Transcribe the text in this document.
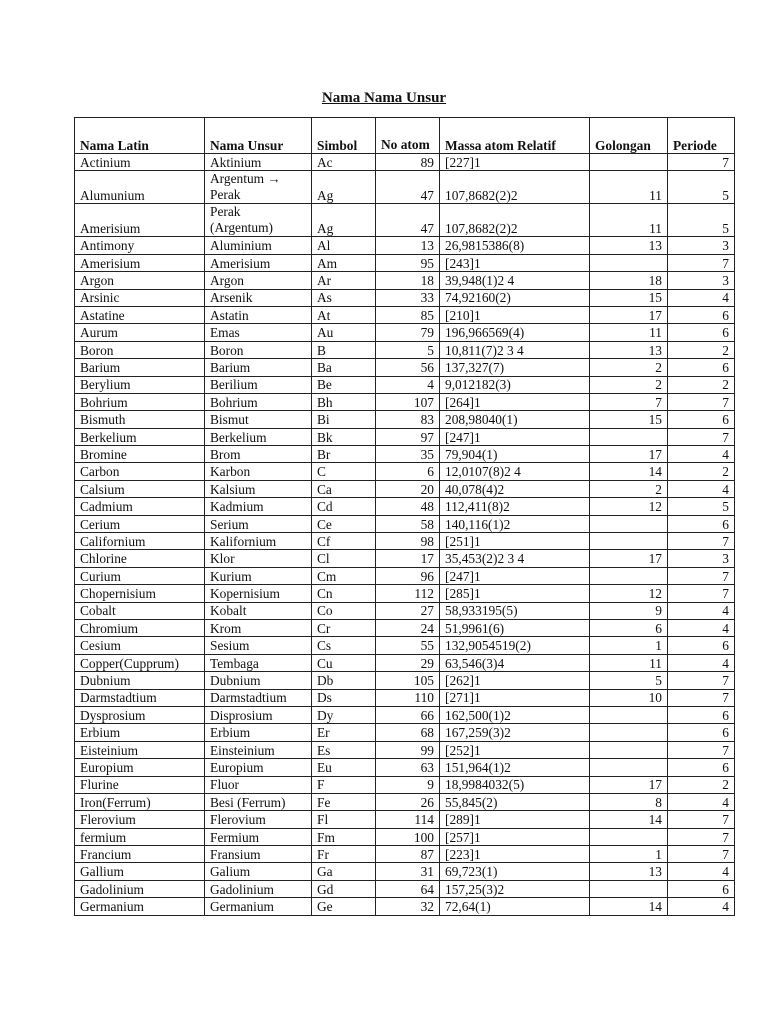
Nama Nama Unsur
Nama Latin	Nama Unsur	Simbol	No atom	Massa atom Relatif	Golongan	Periode
Actinium	Aktinium	Ac	89	[227]1		7
Alumunium	Argentum → Perak	Ag	47	107,8682(2)2	11	5
Amerisium	Perak (Argentum)	Ag	47	107,8682(2)2	11	5
Antimony	Aluminium	Al	13	26,9815386(8)	13	3
Amerisium	Amerisium	Am	95	[243]1		7
Argon	Argon	Ar	18	39,948(1)2 4	18	3
Arsinic	Arsenik	As	33	74,92160(2)	15	4
Astatine	Astatin	At	85	[210]1	17	6
Aurum	Emas	Au	79	196,966569(4)	11	6
Boron	Boron	B	5	10,811(7)2 3 4	13	2
Barium	Barium	Ba	56	137,327(7)	2	6
Berylium	Berilium	Be	4	9,012182(3)	2	2
Bohrium	Bohrium	Bh	107	[264]1	7	7
Bismuth	Bismut	Bi	83	208,98040(1)	15	6
Berkelium	Berkelium	Bk	97	[247]1		7
Bromine	Brom	Br	35	79,904(1)	17	4
Carbon	Karbon	C	6	12,0107(8)2 4	14	2
Calsium	Kalsium	Ca	20	40,078(4)2	2	4
Cadmium	Kadmium	Cd	48	112,411(8)2	12	5
Cerium	Serium	Ce	58	140,116(1)2		6
Californium	Kalifornium	Cf	98	[251]1		7
Chlorine	Klor	Cl	17	35,453(2)2 3 4	17	3
Curium	Kurium	Cm	96	[247]1		7
Chopernisium	Kopernisium	Cn	112	[285]1	12	7
Cobalt	Kobalt	Co	27	58,933195(5)	9	4
Chromium	Krom	Cr	24	51,9961(6)	6	4
Cesium	Sesium	Cs	55	132,9054519(2)	1	6
Copper(Cupprum)	Tembaga	Cu	29	63,546(3)4	11	4
Dubnium	Dubnium	Db	105	[262]1	5	7
Darmstadtium	Darmstadtium	Ds	110	[271]1	10	7
Dysprosium	Disprosium	Dy	66	162,500(1)2		6
Erbium	Erbium	Er	68	167,259(3)2		6
Eisteinium	Einsteinium	Es	99	[252]1		7
Europium	Europium	Eu	63	151,964(1)2		6
Flurine	Fluor	F	9	18,9984032(5)	17	2
Iron(Ferrum)	Besi (Ferrum)	Fe	26	55,845(2)	8	4
Flerovium	Flerovium	Fl	114	[289]1	14	7
fermium	Fermium	Fm	100	[257]1		7
Francium	Fransium	Fr	87	[223]1	1	7
Gallium	Galium	Ga	31	69,723(1)	13	4
Gadolinium	Gadolinium	Gd	64	157,25(3)2		6
Germanium	Germanium	Ge	32	72,64(1)	14	4
